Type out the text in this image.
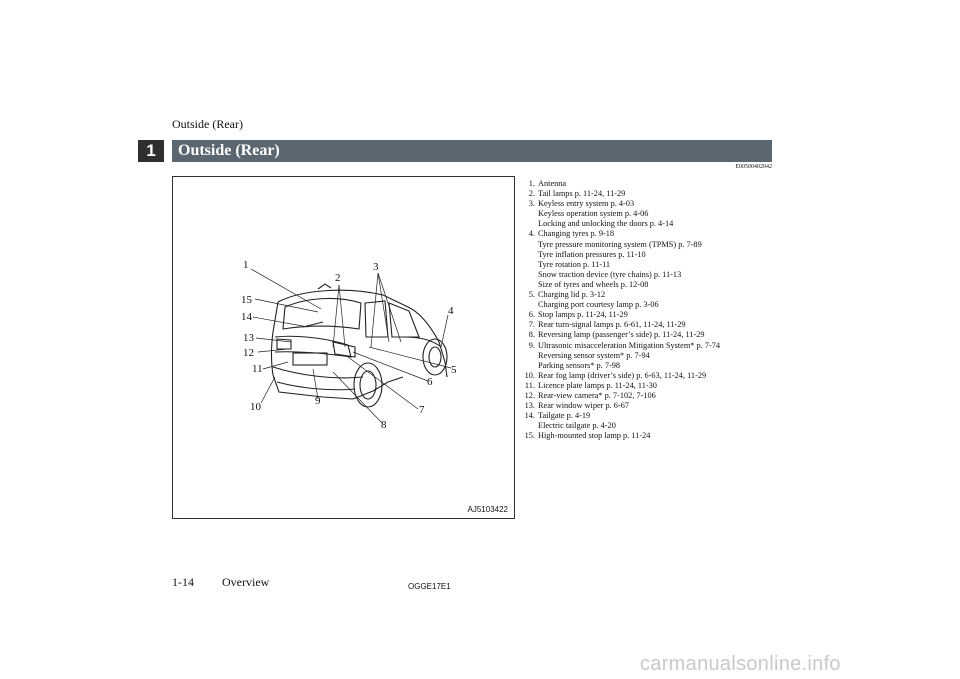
Outside (Rear)
1	Outside (Rear)
E00500402042
1
2
3
4
5
6
7
8
9
10
11
12
13
14
15
AJ5103422
1. Antenna
2. Tail lamps p. 11-24, 11-29
3. Keyless entry system p. 4-03
Keyless operation system p. 4-06
Locking and unlocking the doors p. 4-14
4. Changing tyres p. 9-18
Tyre pressure monitoring system (TPMS) p. 7-89
Tyre inflation pressures p. 11-10
Tyre rotation p. 11-11
Snow traction device (tyre chains) p. 11-13
Size of tyres and wheels p. 12-08
5. Charging lid p. 3-12
Charging port courtesy lamp p. 3-06
6. Stop lamps p. 11-24, 11-29
7. Rear turn-signal lamps p. 6-61, 11-24, 11-29
8. Reversing lamp (passenger’s side) p. 11-24, 11-29
9. Ultrasonic misacceleration Mitigation System* p. 7-74
Reversing sensor system* p. 7-94
Parking sensors* p. 7-98
10. Rear fog lamp (driver’s side) p. 6-63, 11-24, 11-29
11. Licence plate lamps p. 11-24, 11-30
12. Rear-view camera* p. 7-102, 7-106
13. Rear window wiper p. 6-67
14. Tailgate p. 4-19
Electric tailgate p. 4-20
15. High-mounted stop lamp p. 11-24
1-14 Overview	OGGE17E1
carmanualsonline.info
